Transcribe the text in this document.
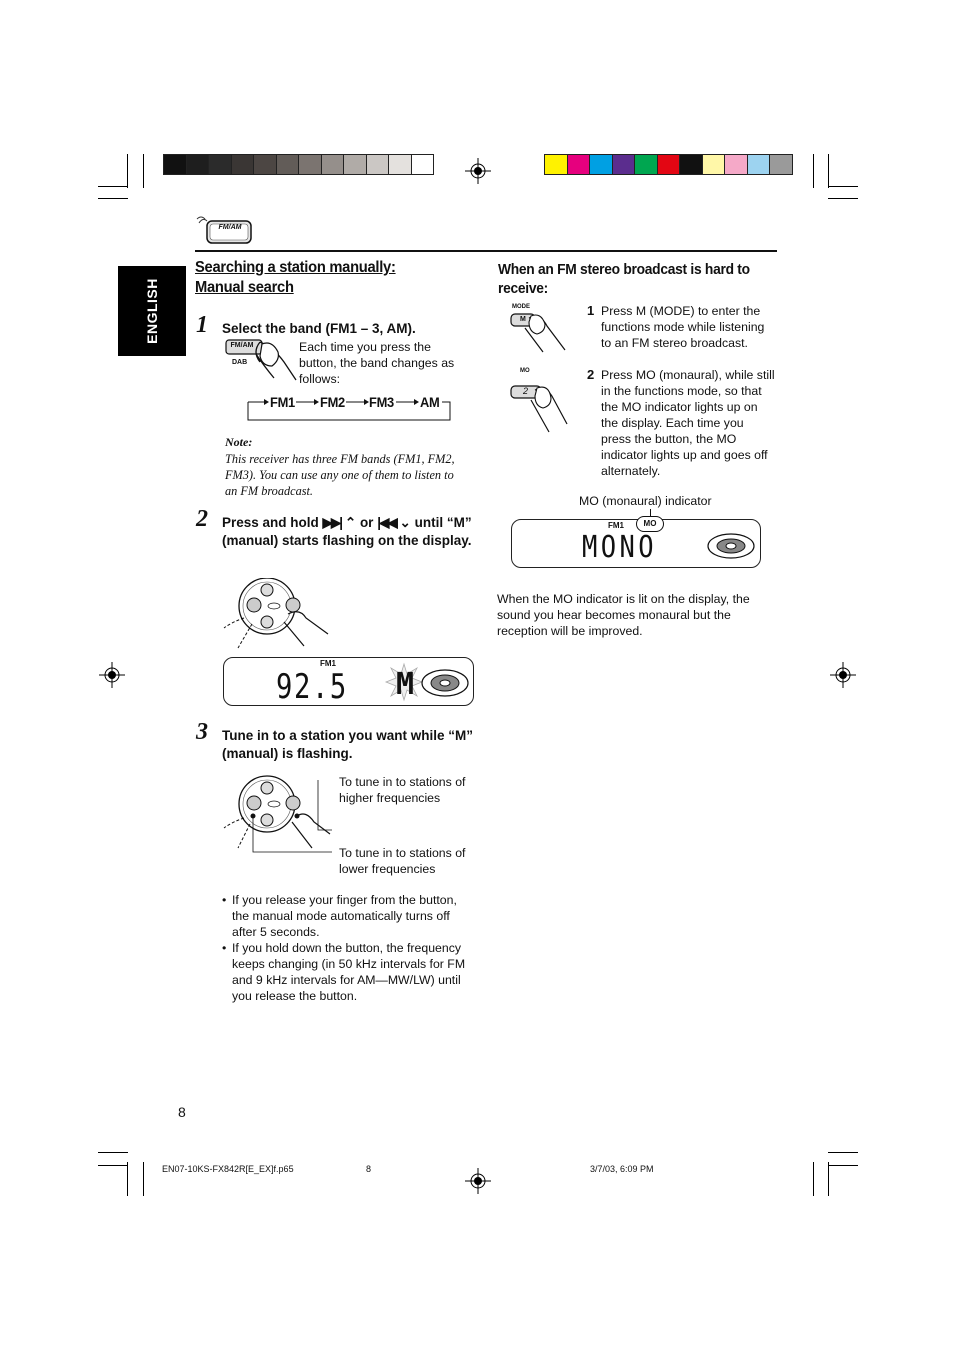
FM/AM
ENGLISH
Searching a station manually:
Manual search
1 Select the band (FM1 – 3, AM).
FM/AM
DAB
Each time you press the button, the band changes as follows:
FM1 FM2 FM3 AM
Note:
This receiver has three FM bands (FM1, FM2, FM3). You can use any one of them to listen to an FM broadcast.
2 Press and hold ▶▶| ⌃ or |◀◀ ⌄ until “M” (manual) starts flashing on the display.
FM1
92.5 M
3 Tune in to a station you want while “M” (manual) is flashing.
To tune in to stations of higher frequencies
To tune in to stations of lower frequencies
• If you release your finger from the button, the manual mode automatically turns off after 5 seconds.
• If you hold down the button, the frequency keeps changing (in 50 kHz intervals for FM and 9 kHz intervals for AM—MW/LW) until you release the button.
When an FM stereo broadcast is hard to receive:
MODE
M
1 Press M (MODE) to enter the functions mode while listening to an FM stereo broadcast.
MO
2
2 Press MO (monaural), while still in the functions mode, so that the MO indicator lights up on the display. Each time you press the button, the MO indicator lights up and goes off alternately.
MO (monaural) indicator
FM1	MO
MONO
When the MO indicator is lit on the display, the sound you hear becomes monaural but the reception will be improved.
8
EN07-10KS-FX842R[E_EX]f.p65	8	3/7/03, 6:09 PM
